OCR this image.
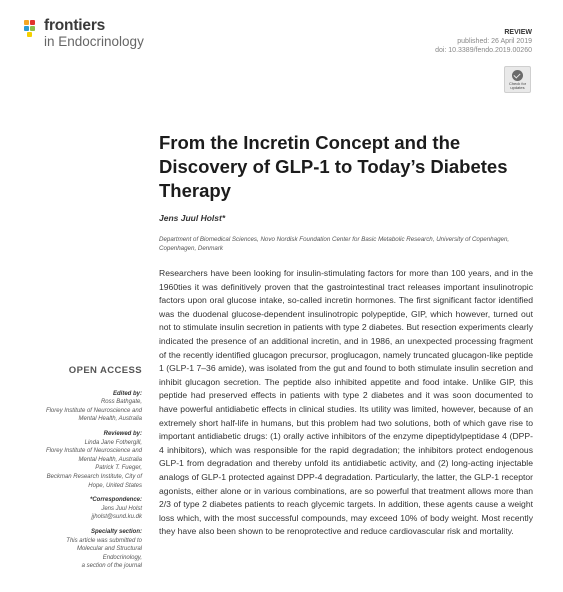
frontiers
in Endocrinology
REVIEW
published: 26 April 2019
doi: 10.3389/fendo.2019.00260
Check for
updates
From the Incretin Concept and the Discovery of GLP-1 to Today’s Diabetes Therapy
Jens Juul Holst*
Department of Biomedical Sciences, Novo Nordisk Foundation Center for Basic Metabolic Research, University of Copenhagen, Copenhagen, Denmark

Researchers have been looking for insulin-stimulating factors for more than 100 years, and in the 1960ties it was definitively proven that the gastrointestinal tract releases important insulinotropic factors upon oral glucose intake, so-called incretin hormones. The first significant factor identified was the duodenal glucose-dependent insulinotropic polypeptide, GIP, which however, turned out not to stimulate insulin secretion in patients with type 2 diabetes. But resection experiments clearly indicated the presence of an additional incretin, and in 1986, an unexpected processing fragment of the recently identified glucagon precursor, proglucagon, namely truncated glucagon-like peptide 1 (GLP-1 7–36 amide), was isolated from the gut and found to both stimulate insulin secretion and inhibit glucagon secretion. The peptide also inhibited appetite and food intake. Unlike GIP, this peptide had preserved effects in patients with type 2 diabetes and it was soon documented to have powerful antidiabetic effects in clinical studies. Its utility was limited, however, because of an extremely short half-life in humans, but this problem had two solutions, both of which gave rise to important antidiabetic drugs: (1) orally active inhibitors of the enzyme dipeptidylpeptidase 4 (DPP-4 inhibitors), which was responsible for the rapid degradation; the inhibitors protect endogenous GLP-1 from degradation and thereby unfold its antidiabetic activity, and (2) long-acting injectable analogs of GLP-1 protected against DPP-4 degradation. Particularly, the latter, the GLP-1 receptor agonists, either alone or in various combinations, are so powerful that treatment allows more than 2/3 of type 2 diabetes patients to reach glycemic targets. In addition, these agents cause a weight loss which, with the most successful compounds, may exceed 10% of body weight. Most recently they have also been shown to be renoprotective and reduce cardiovascular risk and mortality.

OPEN ACCESS
Edited by:
Ross Bathgate,
Florey Institute of Neuroscience and
Mental Health, Australia
Reviewed by:
Linda Jane Fothergill,
Florey Institute of Neuroscience and
Mental Health, Australia
Patrick T. Fueger,
Beckman Research Institute, City of
Hope, United States
*Correspondence:
Jens Juul Holst
jjholst@sund.ku.dk
Specialty section:
This article was submitted to
Molecular and Structural
Endocrinology,
a section of the journal
